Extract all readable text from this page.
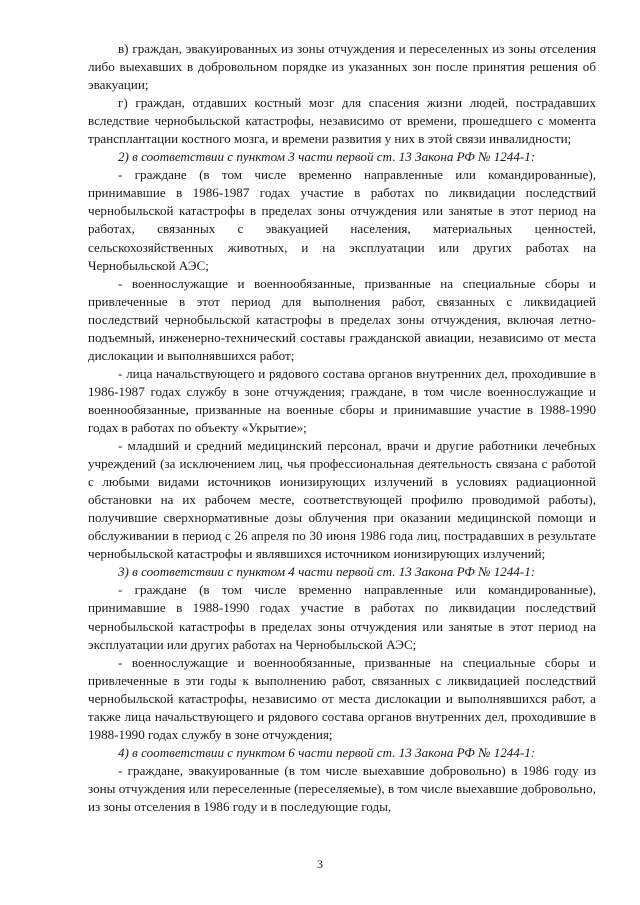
в) граждан, эвакуированных из зоны отчуждения и переселенных из зоны отселения либо выехавших в добровольном порядке из указанных зон после принятия решения об эвакуации;

г) граждан, отдавших костный мозг для спасения жизни людей, пострадавших вследствие чернобыльской катастрофы, независимо от времени, прошедшего с момента трансплантации костного мозга, и времени развития у них в этой связи инвалидности;

2) в соответствии с пунктом 3 части первой ст. 13 Закона РФ № 1244-1:

- граждане (в том числе временно направленные или командированные), принимавшие в 1986-1987 годах участие в работах по ликвидации последствий чернобыльской катастрофы в пределах зоны отчуждения или занятые в этот период на работах, связанных с эвакуацией населения, материальных ценностей, сельскохозяйственных животных, и на эксплуатации или других работах на Чернобыльской АЭС;

- военнослужащие и военнообязанные, призванные на специальные сборы и привлеченные в этот период для выполнения работ, связанных с ликвидацией последствий чернобыльской катастрофы в пределах зоны отчуждения, включая летно-подъемный, инженерно-технический составы гражданской авиации, независимо от места дислокации и выполнявшихся работ;

- лица начальствующего и рядового состава органов внутренних дел, проходившие в 1986-1987 годах службу в зоне отчуждения; граждане, в том числе военнослужащие и военнообязанные, призванные на военные сборы и принимавшие участие в 1988-1990 годах в работах по объекту «Укрытие»;

- младший и средний медицинский персонал, врачи и другие работники лечебных учреждений (за исключением лиц, чья профессиональная деятельность связана с работой с любыми видами источников ионизирующих излучений в условиях радиационной обстановки на их рабочем месте, соответствующей профилю проводимой работы), получившие сверхнормативные дозы облучения при оказании медицинской помощи и обслуживании в период с 26 апреля по 30 июня 1986 года лиц, пострадавших в результате чернобыльской катастрофы и являвшихся источником ионизирующих излучений;

3) в соответствии с пунктом 4 части первой ст. 13 Закона РФ № 1244-1:

- граждане (в том числе временно направленные или командированные), принимавшие в 1988-1990 годах участие в работах по ликвидации последствий чернобыльской катастрофы в пределах зоны отчуждения или занятые в этот период на эксплуатации или других работах на Чернобыльской АЭС;

- военнослужащие и военнообязанные, призванные на специальные сборы и привлеченные в эти годы к выполнению работ, связанных с ликвидацией последствий чернобыльской катастрофы, независимо от места дислокации и выполнявшихся работ, а также лица начальствующего и рядового состава органов внутренних дел, проходившие в 1988-1990 годах службу в зоне отчуждения;

4) в соответствии с пунктом 6 части первой ст. 13 Закона РФ № 1244-1:

- граждане, эвакуированные (в том числе выехавшие добровольно) в 1986 году из зоны отчуждения или переселенные (переселяемые), в том числе выехавшие добровольно, из зоны отселения в 1986 году и в последующие годы,

3
